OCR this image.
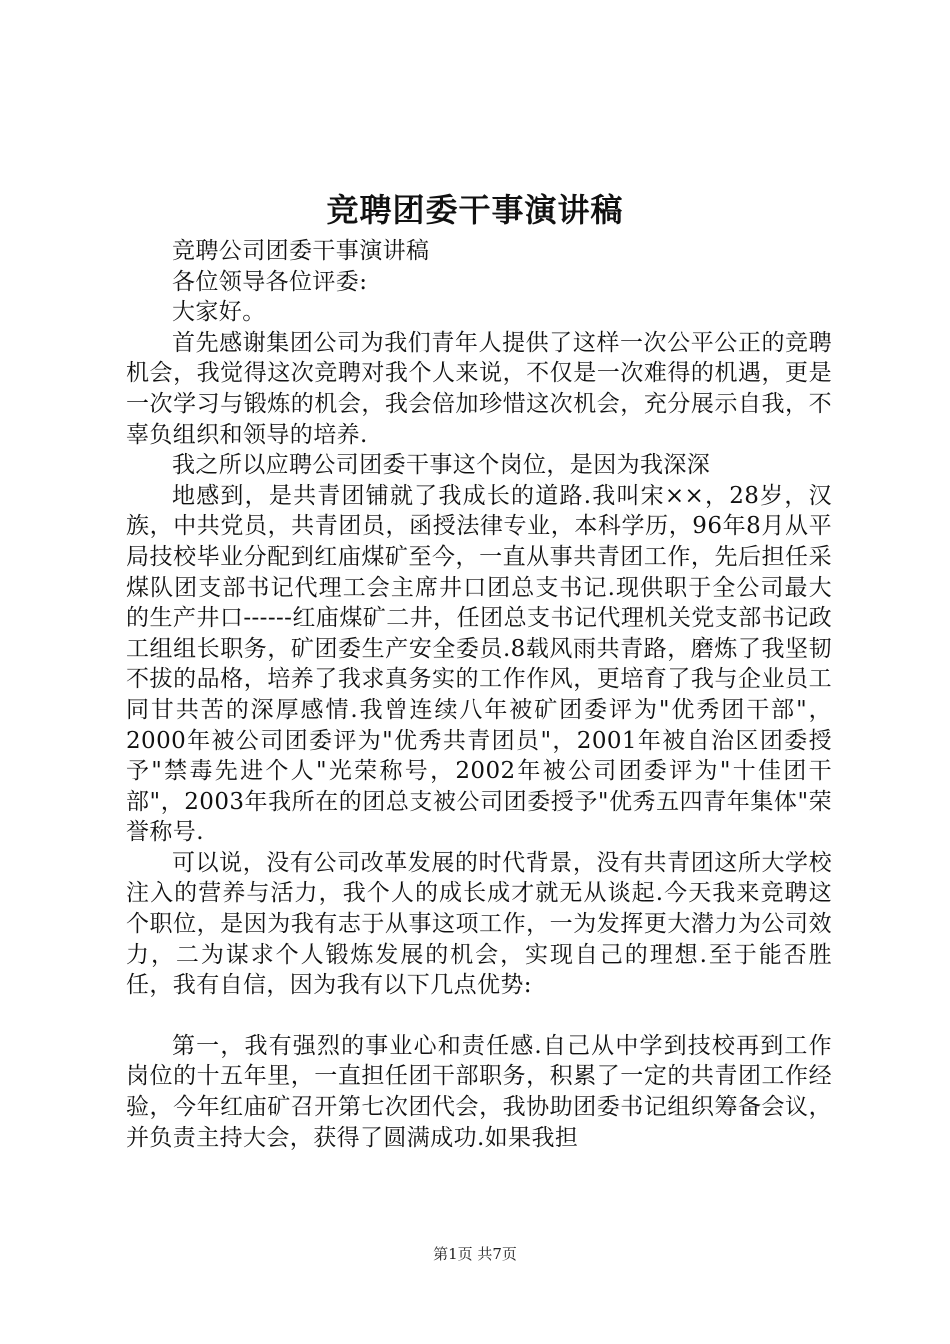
竞聘团委干事演讲稿

竞聘公司团委干事演讲稿

各位领导各位评委:

大家好。

首先感谢集团公司为我们青年人提供了这样一次公平公正的竞聘机会，我觉得这次竞聘对我个人来说，不仅是一次难得的机遇，更是一次学习与锻炼的机会，我会倍加珍惜这次机会，充分展示自我，不辜负组织和领导的培养.

我之所以应聘公司团委干事这个岗位，是因为我深深

地感到，是共青团铺就了我成长的道路.我叫宋××，28岁，汉族，中共党员，共青团员，函授法律专业，本科学历，96年8月从平局技校毕业分配到红庙煤矿至今，一直从事共青团工作，先后担任采煤队团支部书记代理工会主席井口团总支书记.现供职于全公司最大的生产井口------红庙煤矿二井，任团总支书记代理机关党支部书记政工组组长职务，矿团委生产安全委员.8载风雨共青路，磨炼了我坚韧不拔的品格，培养了我求真务实的工作作风，更培育了我与企业员工同甘共苦的深厚感情.我曾连续八年被矿团委评为"优秀团干部"，2000年被公司团委评为"优秀共青团员"，2001年被自治区团委授予"禁毒先进个人"光荣称号，2002年被公司团委评为"十佳团干部"，2003年我所在的团总支被公司团委授予"优秀五四青年集体"荣誉称号.

可以说，没有公司改革发展的时代背景，没有共青团这所大学校注入的营养与活力，我个人的成长成才就无从谈起.今天我来竞聘这个职位，是因为我有志于从事这项工作，一为发挥更大潜力为公司效力，二为谋求个人锻炼发展的机会，实现自己的理想.至于能否胜任，我有自信，因为我有以下几点优势:

第一，我有强烈的事业心和责任感.自己从中学到技校再到工作岗位的十五年里，一直担任团干部职务，积累了一定的共青团工作经验，今年红庙矿召开第七次团代会，我协助团委书记组织筹备会议，并负责主持大会，获得了圆满成功.如果我担

第1页 共7页
